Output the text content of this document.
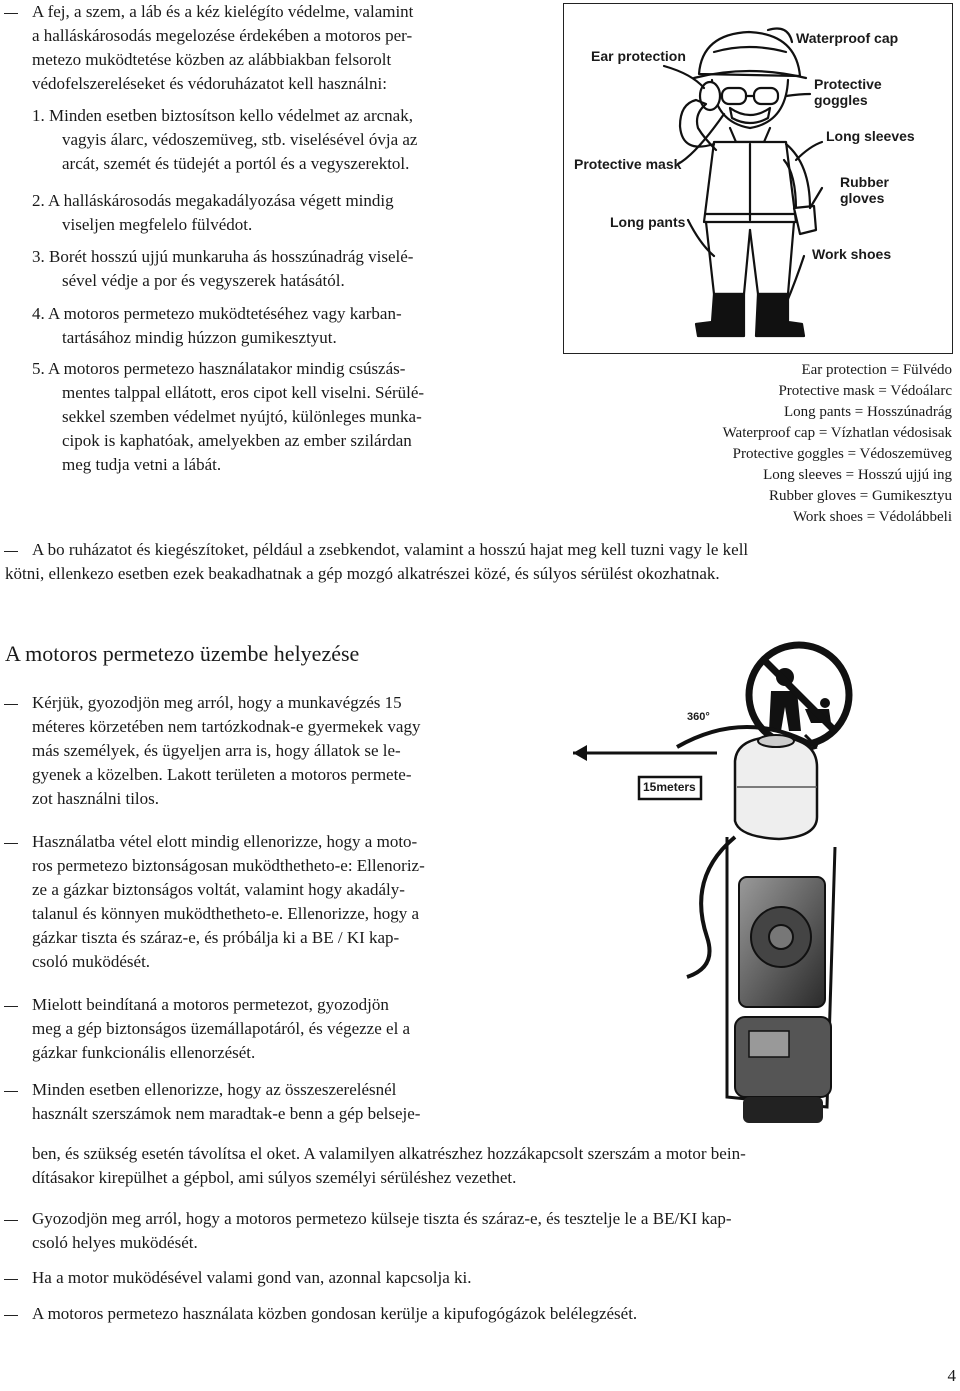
A fej, a szem, a láb és a kéz kielégíto védelme, valamint
a halláskárosodás megelozése érdekében a motoros per-
metezo muködtetése közben az alábbiakban felsorolt
védofelszereléseket és védoruházatot kell használni:
1. Minden esetben biztosítson kello védelmet az arcnak,
vagyis álarc, védoszemüveg, stb. viselésével óvja az
arcát, szemét és tüdejét a portól és a vegyszerektol.
2. A halláskárosodás megakadályozása végett mindig
viseljen megfelelo fülvédot.
3. Borét hosszú ujjú munkaruha ás hosszúnadrág viselé-
sével védje a por és vegyszerek hatásától.
4. A motoros permetezo muködtetéséhez vagy karban-
tartásához mindig húzzon gumikesztyut.
5. A motoros permetezo használatakor mindig csúszás-
mentes talppal ellátott, eros cipot kell viselni. Sérülé-
sekkel szemben védelmet nyújtó, különleges munka-
cipok is kaphatóak, amelyekben az ember szilárdan
meg tudja vetni a lábát.
Ear protection
Waterproof cap
Protective
goggles
Long sleeves
Protective mask
Rubber
gloves
Long pants
Work shoes
Ear protection = Fülvédo
Protective mask = Védoálarc
Long pants = Hosszúnadrág
Waterproof cap = Vízhatlan védosisak
Protective goggles = Védoszemüveg
Long sleeves = Hosszú ujjú ing
Rubber gloves = Gumikesztyu
Work shoes = Védolábbeli
A bo ruházatot és kiegészítoket, például a zsebkendot, valamint a hosszú hajat meg kell tuzni vagy le kell
kötni, ellenkezo esetben ezek beakadhatnak a gép mozgó alkatrészei közé, és súlyos sérülést okozhatnak.
A motoros permetezo üzembe helyezése
360°
15meters
Kérjük, gyozodjön meg arról, hogy a munkavégzés 15
méteres körzetében nem tartózkodnak-e gyermekek vagy
más személyek, és ügyeljen arra is, hogy állatok se le-
gyenek a közelben. Lakott területen a motoros permete-
zot használni tilos.
Használatba vétel elott mindig ellenorizze, hogy a moto-
ros permetezo biztonságosan muködthetheto-e: Ellenoriz-
ze a gázkar biztonságos voltát, valamint hogy akadály-
talanul és könnyen muködthetheto-e. Ellenorizze, hogy a
gázkar tiszta és száraz-e, és próbálja ki a BE / KI kap-
csoló muködését.
Mielott beindítaná a motoros permetezot, gyozodjön
meg a gép biztonságos üzemállapotáról, és végezze el a
gázkar funkcionális ellenorzését.
Minden esetben ellenorizze, hogy az összeszerelésnél
használt szerszámok nem maradtak-e benn a gép belseje-
ben, és szükség esetén távolítsa el oket. A valamilyen alkatrészhez hozzákapcsolt szerszám a motor bein-
dításakor kirepülhet a gépbol, ami súlyos személyi sérüléshez vezethet.
Gyozodjön meg arról, hogy a motoros permetezo külseje tiszta és száraz-e, és tesztelje le a BE/KI kap-
csoló helyes muködését.
Ha a motor muködésével valami gond van, azonnal kapcsolja ki.
A motoros permetezo használata közben gondosan kerülje a kipufogógázok belélegzését.
4
